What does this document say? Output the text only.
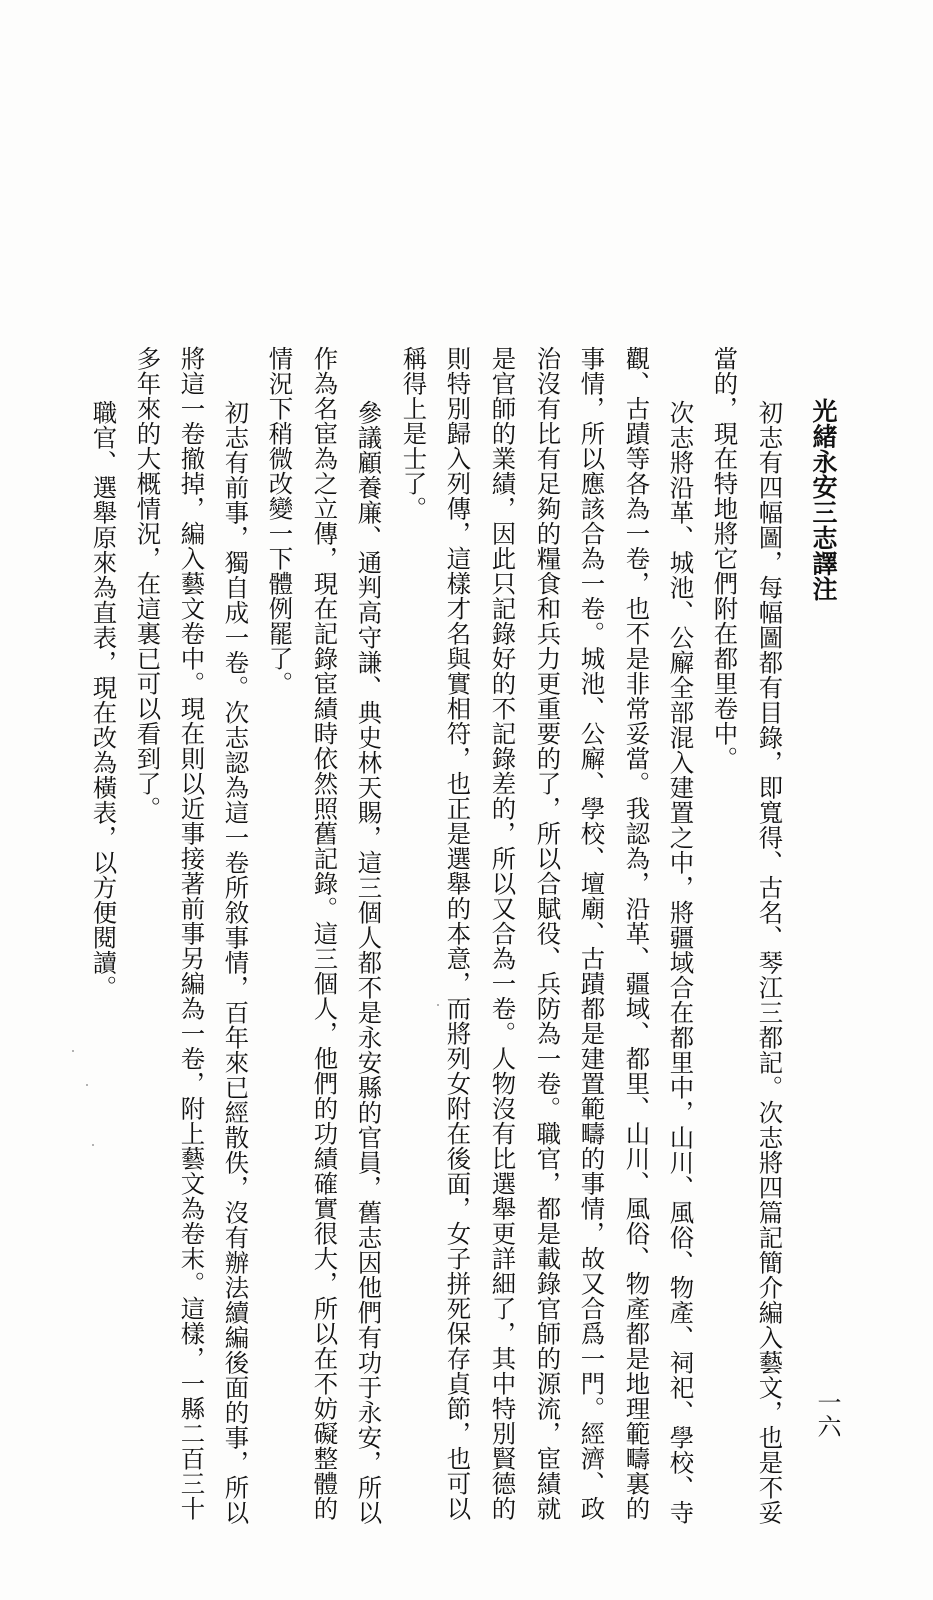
光緒永安三志譯注
一六
初志有四幅圖，每幅圖都有目錄，即寬得、古名、琴江三都記。次志將四篇記簡介編入藝文，也是不妥
當的，現在特地將它們附在都里卷中。
次志將沿革、城池、公廨全部混入建置之中，將疆域合在都里中，山川、風俗、物產、祠祀、學校、寺
觀、古蹟等各為一卷，也不是非常妥當。我認為，沿革、疆域、都里、山川、風俗、物產都是地理範疇裏的
事情，所以應該合為一卷。城池、公廨、學校、壇廟、古蹟都是建置範疇的事情，故又合爲一門。經濟、政
治沒有比有足夠的糧食和兵力更重要的了，所以合賦役、兵防為一卷。職官，都是載錄官師的源流，宦績就
是官師的業績，因此只記錄好的不記錄差的，所以又合為一卷。人物沒有比選舉更詳細了，其中特別賢德的
則特別歸入列傳，這樣才名與實相符，也正是選舉的本意，而將列女附在後面，女子拼死保存貞節，也可以
稱得上是士了。
參議顧養廉、通判高守謙、典史林天賜，這三個人都不是永安縣的官員，舊志因他們有功于永安，所以
作為名宦為之立傳，現在記錄宦績時依然照舊記錄。這三個人，他們的功績確實很大，所以在不妨礙整體的
情況下稍微改變一下體例罷了。
初志有前事，獨自成一卷。次志認為這一卷所敘事情，百年來已經散佚，沒有辦法續編後面的事，所以
將這一卷撤掉，編入藝文卷中。現在則以近事接著前事另編為一卷，附上藝文為卷末。這樣，一縣二百三十
多年來的大概情況，在這裏已可以看到了。
職官、選舉原來為直表，現在改為橫表，以方便閱讀。
